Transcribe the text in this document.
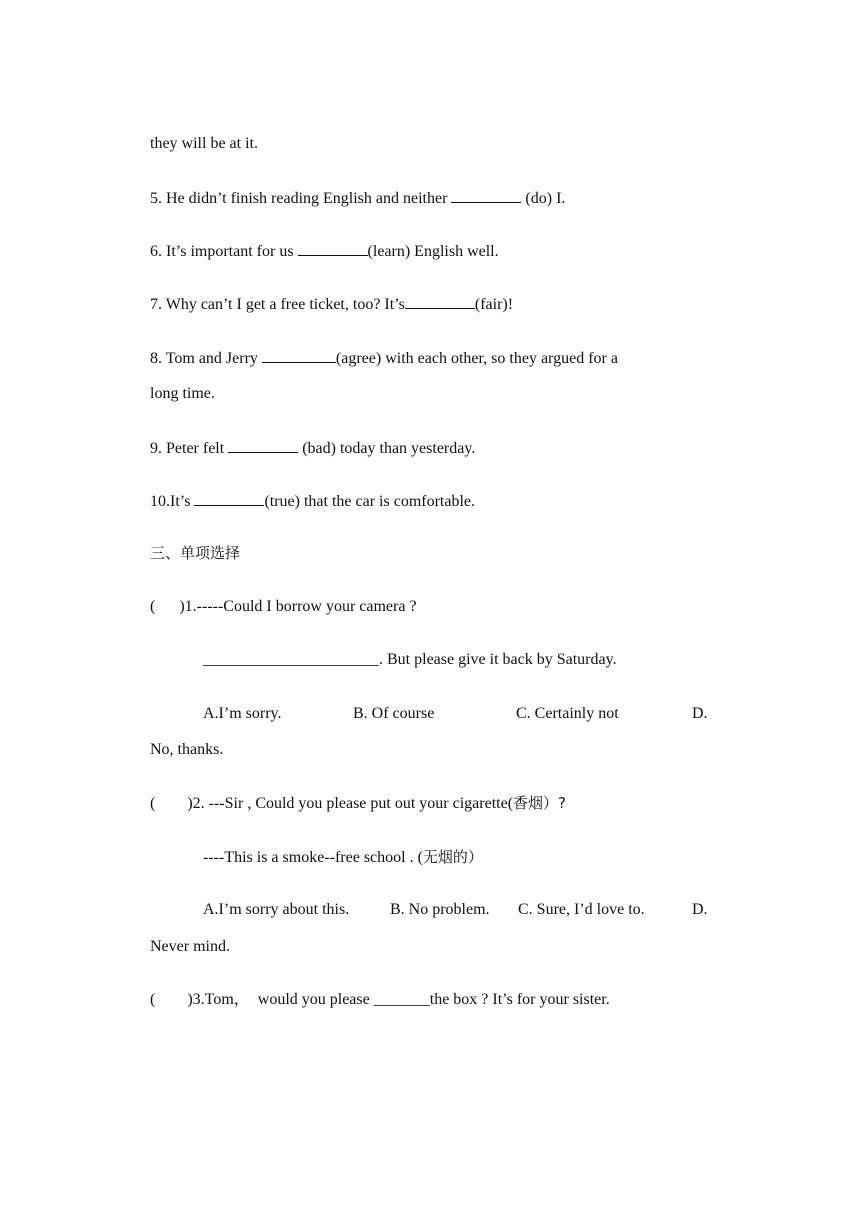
they will be at it.
5. He didn’t finish reading English and neither	(do) I.
6. It’s important for us	(learn) English well.
7. Why can’t I get a free ticket, too? It’s	(fair)!
8. Tom and Jerry	(agree) with each other, so they argued for a
long time.
9. Peter felt	(bad) today than yesterday.
10.It’s	(true) that the car is comfortable.
三、单项选择
(      )1.-----Could I borrow your camera ?
______________________. But please give it back by Saturday.
A.I’m sorry.	B. Of course	C. Certainly not	D.
No, thanks.
(        )2. ---Sir , Could you please put out your cigarette(香烟）?
----This is a smoke--free school . (无烟的）
A.I’m sorry about this.	B. No problem. C. Sure, I’d love to.	D.
Never mind.
(        )3.Tom，  would you please _______the box ? It’s for your sister.
